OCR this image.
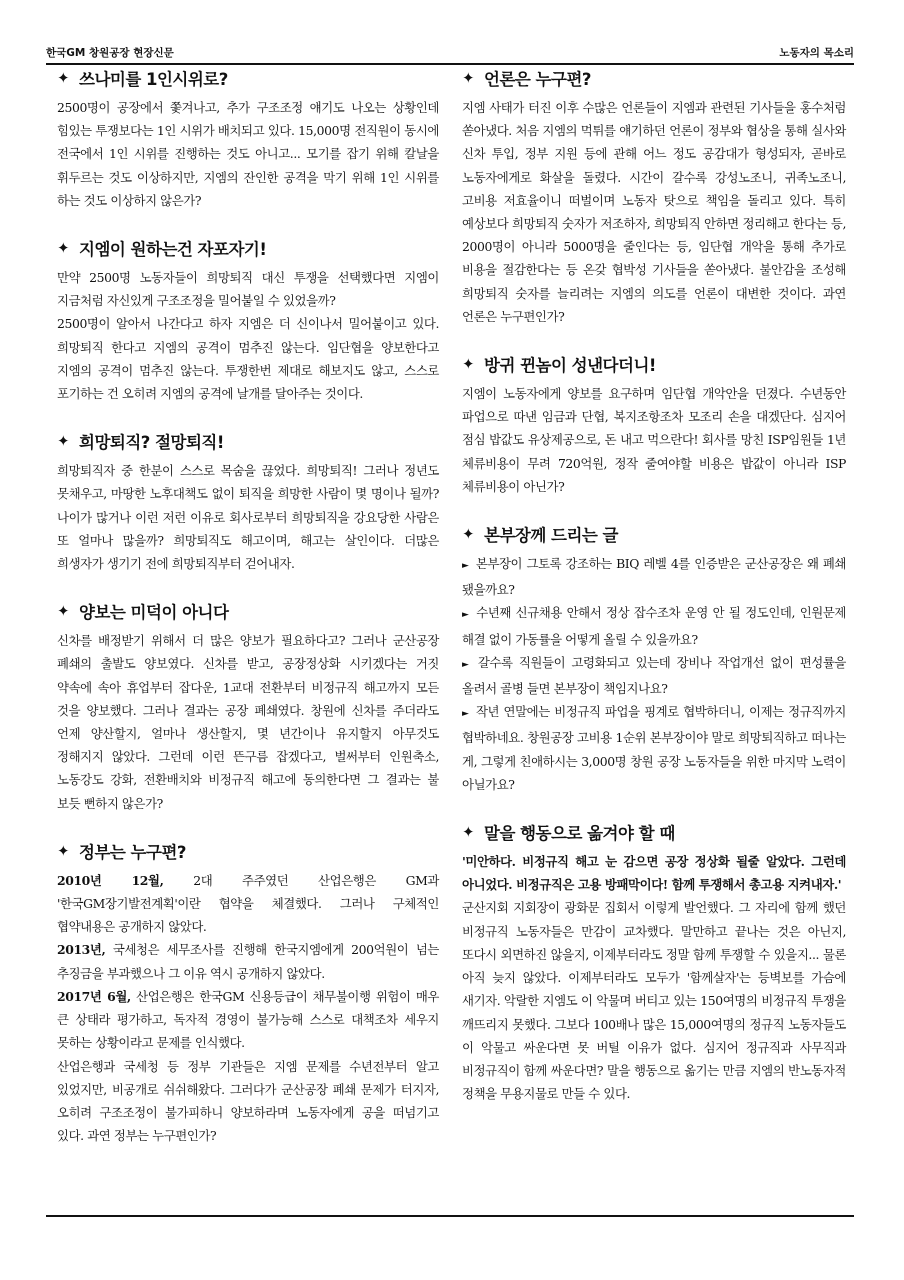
한국GM 창원공장 현장신문	노동자의 목소리
✦ 쓰나미를 1인시위로?

2500명이 공장에서 쫓겨나고, 추가 구조조정 얘기도 나오는 상황인데 힘있는 투쟁보다는 1인 시위가 배치되고 있다. 15,000명 전직원이 동시에 전국에서 1인 시위를 진행하는 것도 아니고... 모기를 잡기 위해 칼날을 휘두르는 것도 이상하지만, 지엠의 잔인한 공격을 막기 위해 1인 시위를 하는 것도 이상하지 않은가?

✦ 지엠이 원하는건 자포자기!

만약 2500명 노동자들이 희망퇴직 대신 투쟁을 선택했다면 지엠이 지금처럼 자신있게 구조조정을 밀어붙일 수 있었을까?

2500명이 알아서 나간다고 하자 지엠은 더 신이나서 밀어붙이고 있다. 희망퇴직 한다고 지엠의 공격이 멈추진 않는다. 임단협을 양보한다고 지엠의 공격이 멈추진 않는다. 투쟁한번 제대로 해보지도 않고, 스스로 포기하는 건 오히려 지엠의 공격에 날개를 달아주는 것이다.

✦ 희망퇴직? 절망퇴직!

희망퇴직자 중 한분이 스스로 목숨을 끊었다. 희망퇴직! 그러나 정년도 못채우고, 마땅한 노후대책도 없이 퇴직을 희망한 사람이 몇 명이나 될까? 나이가 많거나 이런 저런 이유로 회사로부터 희망퇴직을 강요당한 사람은 또 얼마나 많을까? 희망퇴직도 해고이며, 해고는 살인이다. 더많은 희생자가 생기기 전에 희망퇴직부터 걷어내자.

✦ 양보는 미덕이 아니다

신차를 배정받기 위해서 더 많은 양보가 필요하다고? 그러나 군산공장 폐쇄의 출발도 양보였다. 신차를 받고, 공장정상화 시키겠다는 거짓 약속에 속아 휴업부터 잡다운, 1교대 전환부터 비정규직 해고까지 모든 것을 양보했다. 그러나 결과는 공장 폐쇄였다. 창원에 신차를 주더라도 언제 양산할지, 얼마나 생산할지, 몇 년간이나 유지할지 아무것도 정해지지 않았다. 그런데 이런 뜬구름 잡겠다고, 벌써부터 인원축소, 노동강도 강화, 전환배치와 비정규직 해고에 동의한다면 그 결과는 불 보듯 뻔하지 않은가?

✦ 정부는 누구편?

2010년 12월, 2대 주주였던 산업은행은 GM과 '한국GM장기발전계획'이란 협약을 체결했다. 그러나 구체적인 협약내용은 공개하지 않았다.

2013년, 국세청은 세무조사를 진행해 한국지엠에게 200억원이 넘는 추징금을 부과했으나 그 이유 역시 공개하지 않았다.

2017년 6월, 산업은행은 한국GM 신용등급이 채무불이행 위험이 매우 큰 상태라 평가하고, 독자적 경영이 불가능해 스스로 대책조차 세우지 못하는 상황이라고 문제를 인식했다.

산업은행과 국세청 등 정부 기관들은 지엠 문제를 수년전부터 알고 있었지만, 비공개로 쉬쉬해왔다. 그러다가 군산공장 폐쇄 문제가 터지자, 오히려 구조조정이 불가피하니 양보하라며 노동자에게 공을 떠넘기고 있다. 과연 정부는 누구편인가?

✦ 언론은 누구편?

지엠 사태가 터진 이후 수많은 언론들이 지엠과 관련된 기사들을 홍수처럼 쏟아냈다. 처음 지엠의 먹튀를 얘기하던 언론이 정부와 협상을 통해 실사와 신차 투입, 정부 지원 등에 관해 어느 정도 공감대가 형성되자, 곧바로 노동자에게로 화살을 돌렸다. 시간이 갈수록 강성노조니, 귀족노조니, 고비용 저효율이니 떠벌이며 노동자 탓으로 책임을 돌리고 있다. 특히 예상보다 희망퇴직 숫자가 저조하자, 희망퇴직 안하면 정리해고 한다는 등, 2000명이 아니라 5000명을 줄인다는 등, 임단협 개악을 통해 추가로 비용을 절감한다는 등 온갖 협박성 기사들을 쏟아냈다. 불안감을 조성해 희망퇴직 숫자를 늘리려는 지엠의 의도를 언론이 대변한 것이다. 과연 언론은 누구편인가?

✦ 방귀 뀐놈이 성낸다더니!

지엠이 노동자에게 양보를 요구하며 임단협 개악안을 던졌다. 수년동안 파업으로 따낸 임금과 단협, 복지조항조차 모조리 손을 대겠단다. 심지어 점심 밥값도 유상제공으로, 돈 내고 먹으란다! 회사를 망친 ISP임원들 1년 체류비용이 무려 720억원, 정작 줄여야할 비용은 밥값이 아니라 ISP 체류비용이 아닌가?

✦ 본부장께 드리는 글

► 본부장이 그토록 강조하는 BIQ 레벨 4를 인증받은 군산공장은 왜 폐쇄 됐을까요?

► 수년째 신규채용 안해서 정상 잡수조차 운영 안 될 정도인데, 인원문제 해결 없이 가동률을 어떻게 올릴 수 있을까요?

► 갈수록 직원들이 고령화되고 있는데 장비나 작업개선 없이 편성률을 올려서 골병 들면 본부장이 책임지나요?

► 작년 연말에는 비정규직 파업을 핑계로 협박하더니, 이제는 정규직까지 협박하네요. 창원공장 고비용 1순위 본부장이야 말로 희망퇴직하고 떠나는 게, 그렇게 친애하시는 3,000명 창원 공장 노동자들을 위한 마지막 노력이 아닐가요?

✦ 말을 행동으로 옮겨야 할 때

'미안하다. 비정규직 해고 눈 감으면 공장 정상화 될줄 알았다. 그런데 아니었다. 비정규직은 고용 방패막이다! 함께 투쟁해서 총고용 지켜내자.'

군산지회 지회장이 광화문 집회서 이렇게 발언했다. 그 자리에 함께 했던 비정규직 노동자들은 만감이 교차했다. 말만하고 끝나는 것은 아닌지, 또다시 외면하진 않을지, 이제부터라도 정말 함께 투쟁할 수 있을지... 물론 아직 늦지 않았다. 이제부터라도 모두가 '함께살자'는 등벽보를 가슴에 새기자. 악랄한 지엠도 이 악물며 버티고 있는 150여명의 비정규직 투쟁을 깨뜨리지 못했다. 그보다 100배나 많은 15,000여명의 정규직 노동자들도 이 악물고 싸운다면 못 버틸 이유가 없다. 심지어 정규직과 사무직과 비정규직이 함께 싸운다면? 말을 행동으로 옮기는 만큼 지엠의 반노동자적 정책을 무용지물로 만들 수 있다.
